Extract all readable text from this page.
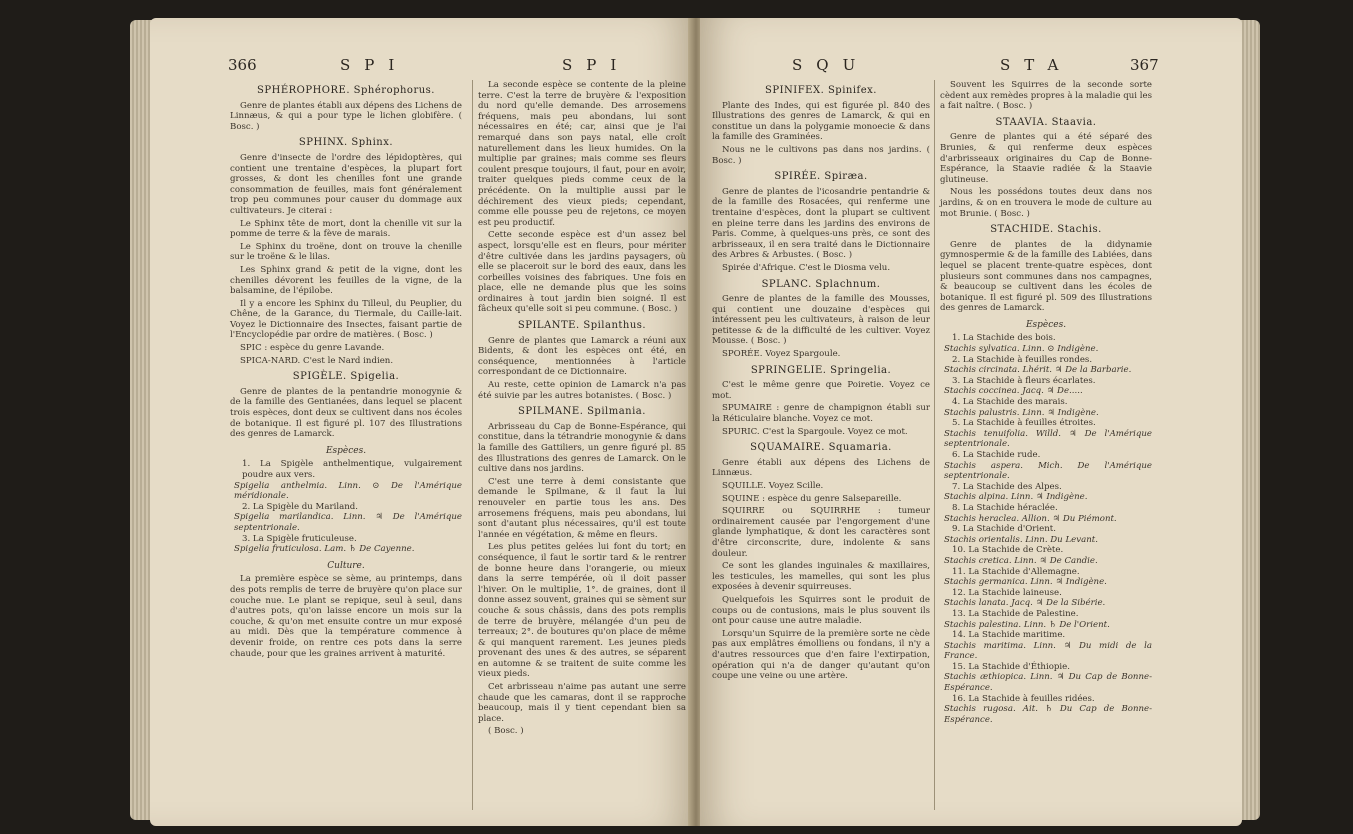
366	SPI	SPI
SPHÉROPHORE. Sphérophorus.

Genre de plantes établi aux dépens des Lichens de Linnæus, & qui a pour type le lichen globifère. ( Bosc. )

SPHINX. Sphinx.

Genre d'insecte de l'ordre des lépidoptères, qui contient une trentaine d'espèces, la plupart fort grosses, & dont les chenilles font une grande consommation de feuilles, mais font généralement trop peu communes pour causer du dommage aux cultivateurs. Je citerai :

Le Sphinx tête de mort, dont la chenille vit sur la pomme de terre & la fève de marais.

Le Sphinx du troëne, dont on trouve la chenille sur le troëne & le lilas.

Les Sphinx grand & petit de la vigne, dont les chenilles dévorent les feuilles de la vigne, de la balsamine, de l'épilobe.

Il y a encore les Sphinx du Tilleul, du Peuplier, du Chêne, de la Garance, du Tiermale, du Caille-lait. Voyez le Dictionnaire des Insectes, faisant partie de l'Encyclopédie par ordre de matières. ( Bosc. )

SPIC : espèce du genre Lavande.

SPICA-NARD. C'est le Nard indien.

SPIGÈLE. Spigelia.

Genre de plantes de la pentandrie monogynie & de la famille des Gentianées, dans lequel se placent trois espèces, dont deux se cultivent dans nos écoles de botanique. Il est figuré pl. 107 des Illustrations des genres de Lamarck.

Espèces.

1. La Spigèle anthelmentique, vulgairement poudre aux vers.

Spigelia anthelmia. Linn. ⊙ De l'Amérique méridionale.

2. La Spigèle du Mariland.

Spigelia marilandica. Linn. ♃ De l'Amérique septentrionale.

3. La Spigèle fruticuleuse.

Spigelia fruticulosa. Lam. ♄ De Cayenne.

Culture.

La première espèce se sème, au printemps, dans des pots remplis de terre de bruyère qu'on place sur couche nue. Le plant se repique, seul à seul, dans d'autres pots, qu'on laisse encore un mois sur la couche, & qu'on met ensuite contre un mur exposé au midi. Dès que la température commence à devenir froide, on rentre ces pots dans la serre chaude, pour que les graines arrivent à maturité.

La seconde espèce se contente de la pleine terre. C'est la terre de bruyère & l'exposition du nord qu'elle demande. Des arrosemens fréquens, mais peu abondans, lui sont nécessaires en été; car, ainsi que je l'ai remarqué dans son pays natal, elle croît naturellement dans les lieux humides. On la multiplie par graines; mais comme ses fleurs coulent presque toujours, il faut, pour en avoir, traiter quelques pieds comme ceux de la précédente. On la multiplie aussi par le déchirement des vieux pieds; cependant, comme elle pousse peu de rejetons, ce moyen est peu productif.

Cette seconde espèce est d'un assez bel aspect, lorsqu'elle est en fleurs, pour mériter d'être cultivée dans les jardins paysagers, où elle se placeroit sur le bord des eaux, dans les corbeilles voisines des fabriques. Une fois en place, elle ne demande plus que les soins ordinaires à tout jardin bien soigné. Il est fâcheux qu'elle soit si peu commune. ( Bosc. )

SPILANTE. Spilanthus.

Genre de plantes que Lamarck a réuni aux Bidents, & dont les espèces ont été, en conséquence, mentionnées à l'article correspondant de ce Dictionnaire.

Au reste, cette opinion de Lamarck n'a pas été suivie par les autres botanistes. ( Bosc. )

SPILMANE. Spilmania.

Arbrisseau du Cap de Bonne-Espérance, qui constitue, dans la tétrandrie monogynie & dans la famille des Gattiliers, un genre figuré pl. 85 des Illustrations des genres de Lamarck. On le cultive dans nos jardins.

C'est une terre à demi consistante que demande le Spilmane, & il faut la lui renouveler en partie tous les ans. Des arrosemens fréquens, mais peu abondans, lui sont d'autant plus nécessaires, qu'il est toute l'année en végétation, & même en fleurs.

Les plus petites gelées lui font du tort; en conséquence, il faut le sortir tard & le rentrer de bonne heure dans l'orangerie, ou mieux dans la serre tempérée, où il doit passer l'hiver. On le multiplie, 1°. de graines, dont il donne assez souvent, graines qui se sèment sur couche & sous châssis, dans des pots remplis de terre de bruyère, mélangée d'un peu de terreaux; 2°. de boutures qu'on place de même & qui manquent rarement. Les jeunes pieds provenant des unes & des autres, se séparent en automne & se traitent de suite comme les vieux pieds.

Cet arbrisseau n'aime pas autant une serre chaude que les camaras, dont il se rapproche beaucoup, mais il y tient cependant bien sa place.

( Bosc. )

SQU	STA	367
SPINIFEX. Spinifex.

Plante des Indes, qui est figurée pl. 840 des Illustrations des genres de Lamarck, & qui en constitue un dans la polygamie monoecie & dans la famille des Graminées.

Nous ne le cultivons pas dans nos jardins. ( Bosc. )

SPIRÉE. Spiræa.

Genre de plantes de l'icosandrie pentandrie & de la famille des Rosacées, qui renferme une trentaine d'espèces, dont la plupart se cultivent en pleine terre dans les jardins des environs de Paris. Comme, à quelques-uns près, ce sont des arbrisseaux, il en sera traité dans le Dictionnaire des Arbres & Arbustes. ( Bosc. )

Spirée d'Afrique. C'est le Diosma velu.

SPLANC. Splachnum.

Genre de plantes de la famille des Mousses, qui contient une douzaine d'espèces qui intéressent peu les cultivateurs, à raison de leur petitesse & de la difficulté de les cultiver. Voyez Mousse. ( Bosc. )

SPORÉE. Voyez Spargoule.

SPRINGELIE. Springelia.

C'est le même genre que Poiretie. Voyez ce mot.

SPUMAIRE : genre de champignon établi sur la Réticulaire blanche. Voyez ce mot.

SPURIC. C'est la Spargoule. Voyez ce mot.

SQUAMAIRE. Squamaria.

Genre établi aux dépens des Lichens de Linnæus.

SQUILLE. Voyez Scille.

SQUINE : espèce du genre Salsepareille.

SQUIRRE ou SQUIRRHE : tumeur ordinairement causée par l'engorgement d'une glande lymphatique, & dont les caractères sont d'être circonscrite, dure, indolente & sans douleur.

Ce sont les glandes inguinales & maxillaires, les testicules, les mamelles, qui sont les plus exposées à devenir squirreuses.

Quelquefois les Squirres sont le produit de coups ou de contusions, mais le plus souvent ils ont pour cause une autre maladie.

Lorsqu'un Squirre de la première sorte ne cède pas aux emplâtres émolliens ou fondans, il n'y a d'autres ressources que d'en faire l'extirpation, opération qui n'a de danger qu'autant qu'on coupe une veine ou une artère.

Souvent les Squirres de la seconde sorte cèdent aux remèdes propres à la maladie qui les a fait naître. ( Bosc. )

STAAVIA. Staavia.

Genre de plantes qui a été séparé des Brunies, & qui renferme deux espèces d'arbrisseaux originaires du Cap de Bonne-Espérance, la Staavie radiée & la Staavie glutineuse.

Nous les possédons toutes deux dans nos jardins, & on en trouvera le mode de culture au mot Brunie. ( Bosc. )

STACHIDE. Stachis.

Genre de plantes de la didynamie gymnospermie & de la famille des Labiées, dans lequel se placent trente-quatre espèces, dont plusieurs sont communes dans nos campagnes, & beaucoup se cultivent dans les écoles de botanique. Il est figuré pl. 509 des Illustrations des genres de Lamarck.

Espèces.

1. La Stachide des bois.

Stachis sylvatica. Linn. ⊙ Indigène.

2. La Stachide à feuilles rondes.

Stachis circinata. Lhérit. ♃ De la Barbarie.

3. La Stachide à fleurs écarlates.

Stachis coccinea. Jacq. ♃ De.....

4. La Stachide des marais.

Stachis palustris. Linn. ♃ Indigène.

5. La Stachide à feuilles étroites.

Stachis tenuifolia. Willd. ♃ De l'Amérique septentrionale.

6. La Stachide rude.

Stachis aspera. Mich. De l'Amérique septentrionale.

7. La Stachide des Alpes.

Stachis alpina. Linn. ♃ Indigène.

8. La Stachide héraclée.

Stachis heraclea. Allion. ♃ Du Piémont.

9. La Stachide d'Orient.

Stachis orientalis. Linn. Du Levant.

10. La Stachide de Crète.

Stachis cretica. Linn. ♃ De Candie.

11. La Stachide d'Allemagne.

Stachis germanica. Linn. ♃ Indigène.

12. La Stachide laineuse.

Stachis lanata. Jacq. ♃ De la Sibérie.

13. La Stachide de Palestine.

Stachis palestina. Linn. ♄ De l'Orient.

14. La Stachide maritime.

Stachis maritima. Linn. ♃ Du midi de la France.

15. La Stachide d'Éthiopie.

Stachis æthiopica. Linn. ♃ Du Cap de Bonne-Espérance.

16. La Stachide à feuilles ridées.

Stachis rugosa. Ait. ♄ Du Cap de Bonne-Espérance.
